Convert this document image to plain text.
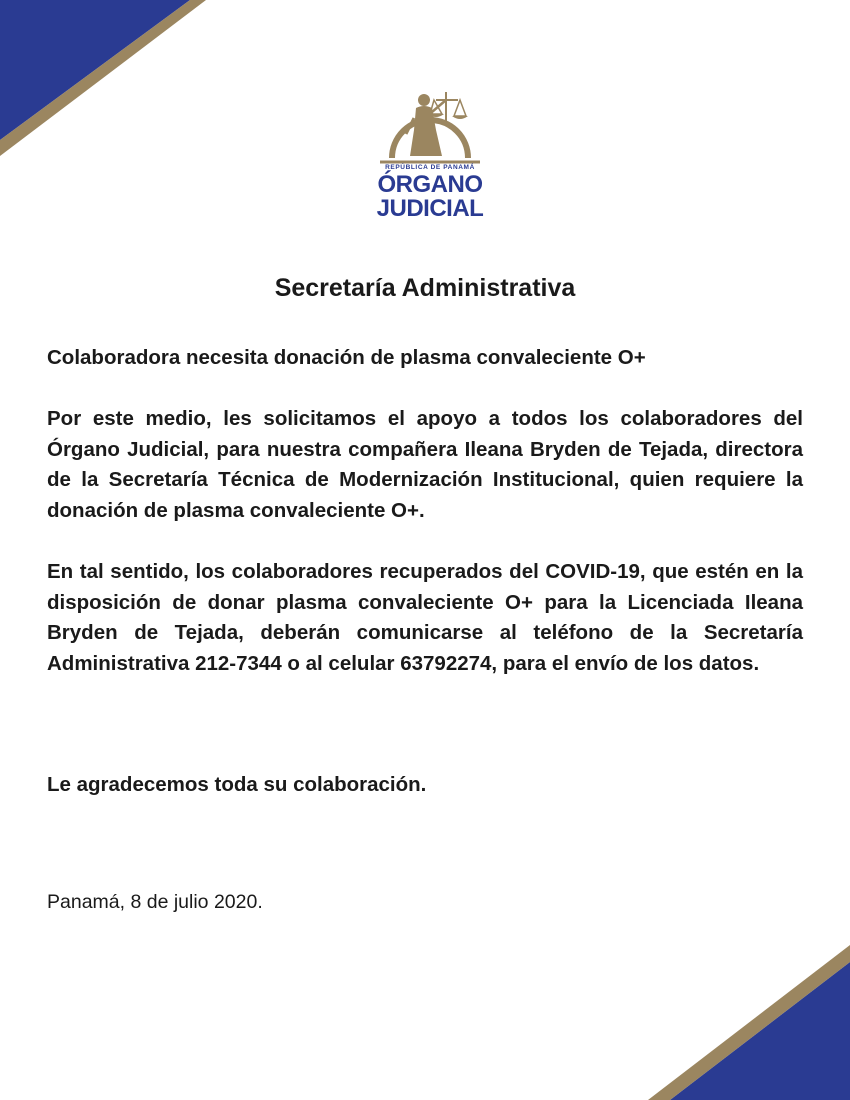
REPÚBLICA DE PANAMÁ
ÓRGANO
JUDICIAL
Secretaría Administrativa
Colaboradora necesita donación de plasma convaleciente O+
Por este medio, les solicitamos el apoyo a todos los colaboradores del Órgano Judicial, para nuestra compañera Ileana Bryden de Tejada, directora de la Secretaría Técnica de Modernización Institucional, quien requiere la donación de plasma convaleciente O+.
En tal sentido, los colaboradores recuperados del COVID-19, que estén en la disposición de donar plasma convaleciente O+ para la Licenciada Ileana Bryden de Tejada, deberán comunicarse al teléfono de la Secretaría Administrativa 212-7344 o al celular 63792274, para el envío de los datos.
Le agradecemos toda su colaboración.
Panamá, 8 de julio 2020.
